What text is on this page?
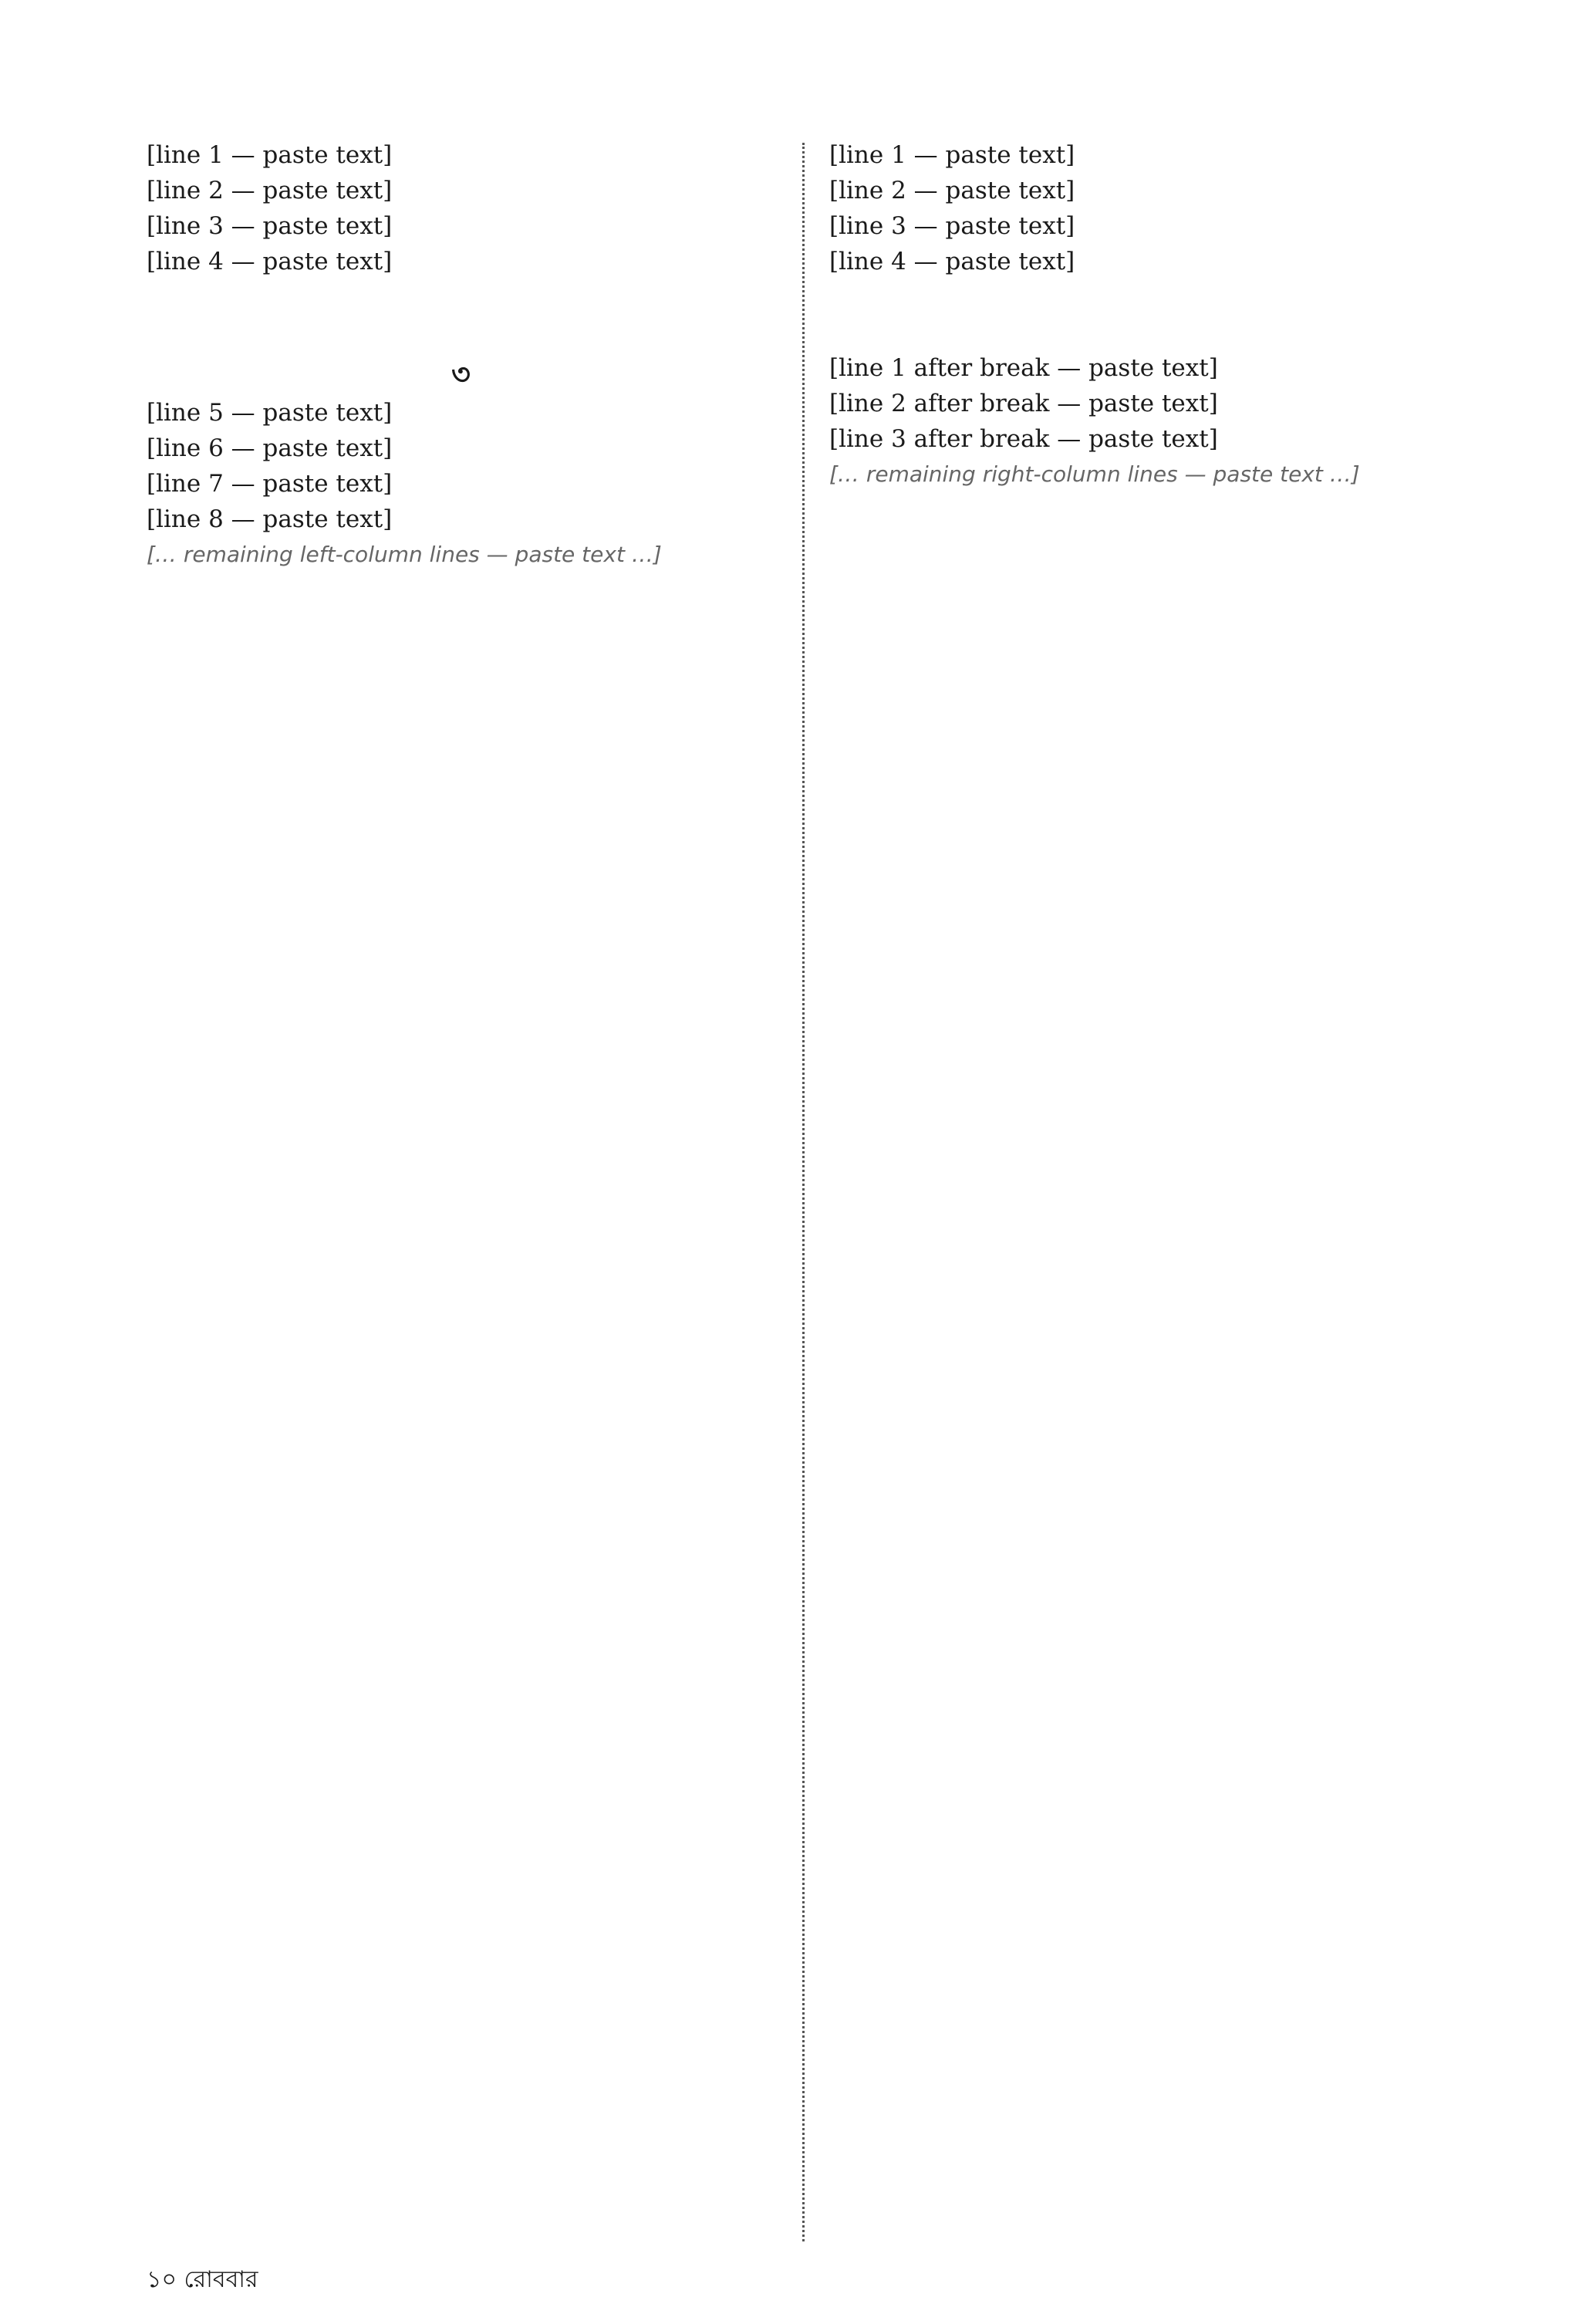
[line 1 — paste text]

[line 2 — paste text]

[line 3 — paste text]

[line 4 — paste text]

৩

[line 5 — paste text]

[line 6 — paste text]

[line 7 — paste text]

[line 8 — paste text]

[… remaining left-column lines — paste text …]

[line 1 — paste text]

[line 2 — paste text]

[line 3 — paste text]

[line 4 — paste text]

[line 1 after break — paste text]

[line 2 after break — paste text]

[line 3 after break — paste text]

[… remaining right-column lines — paste text …]

১০ রোববার
